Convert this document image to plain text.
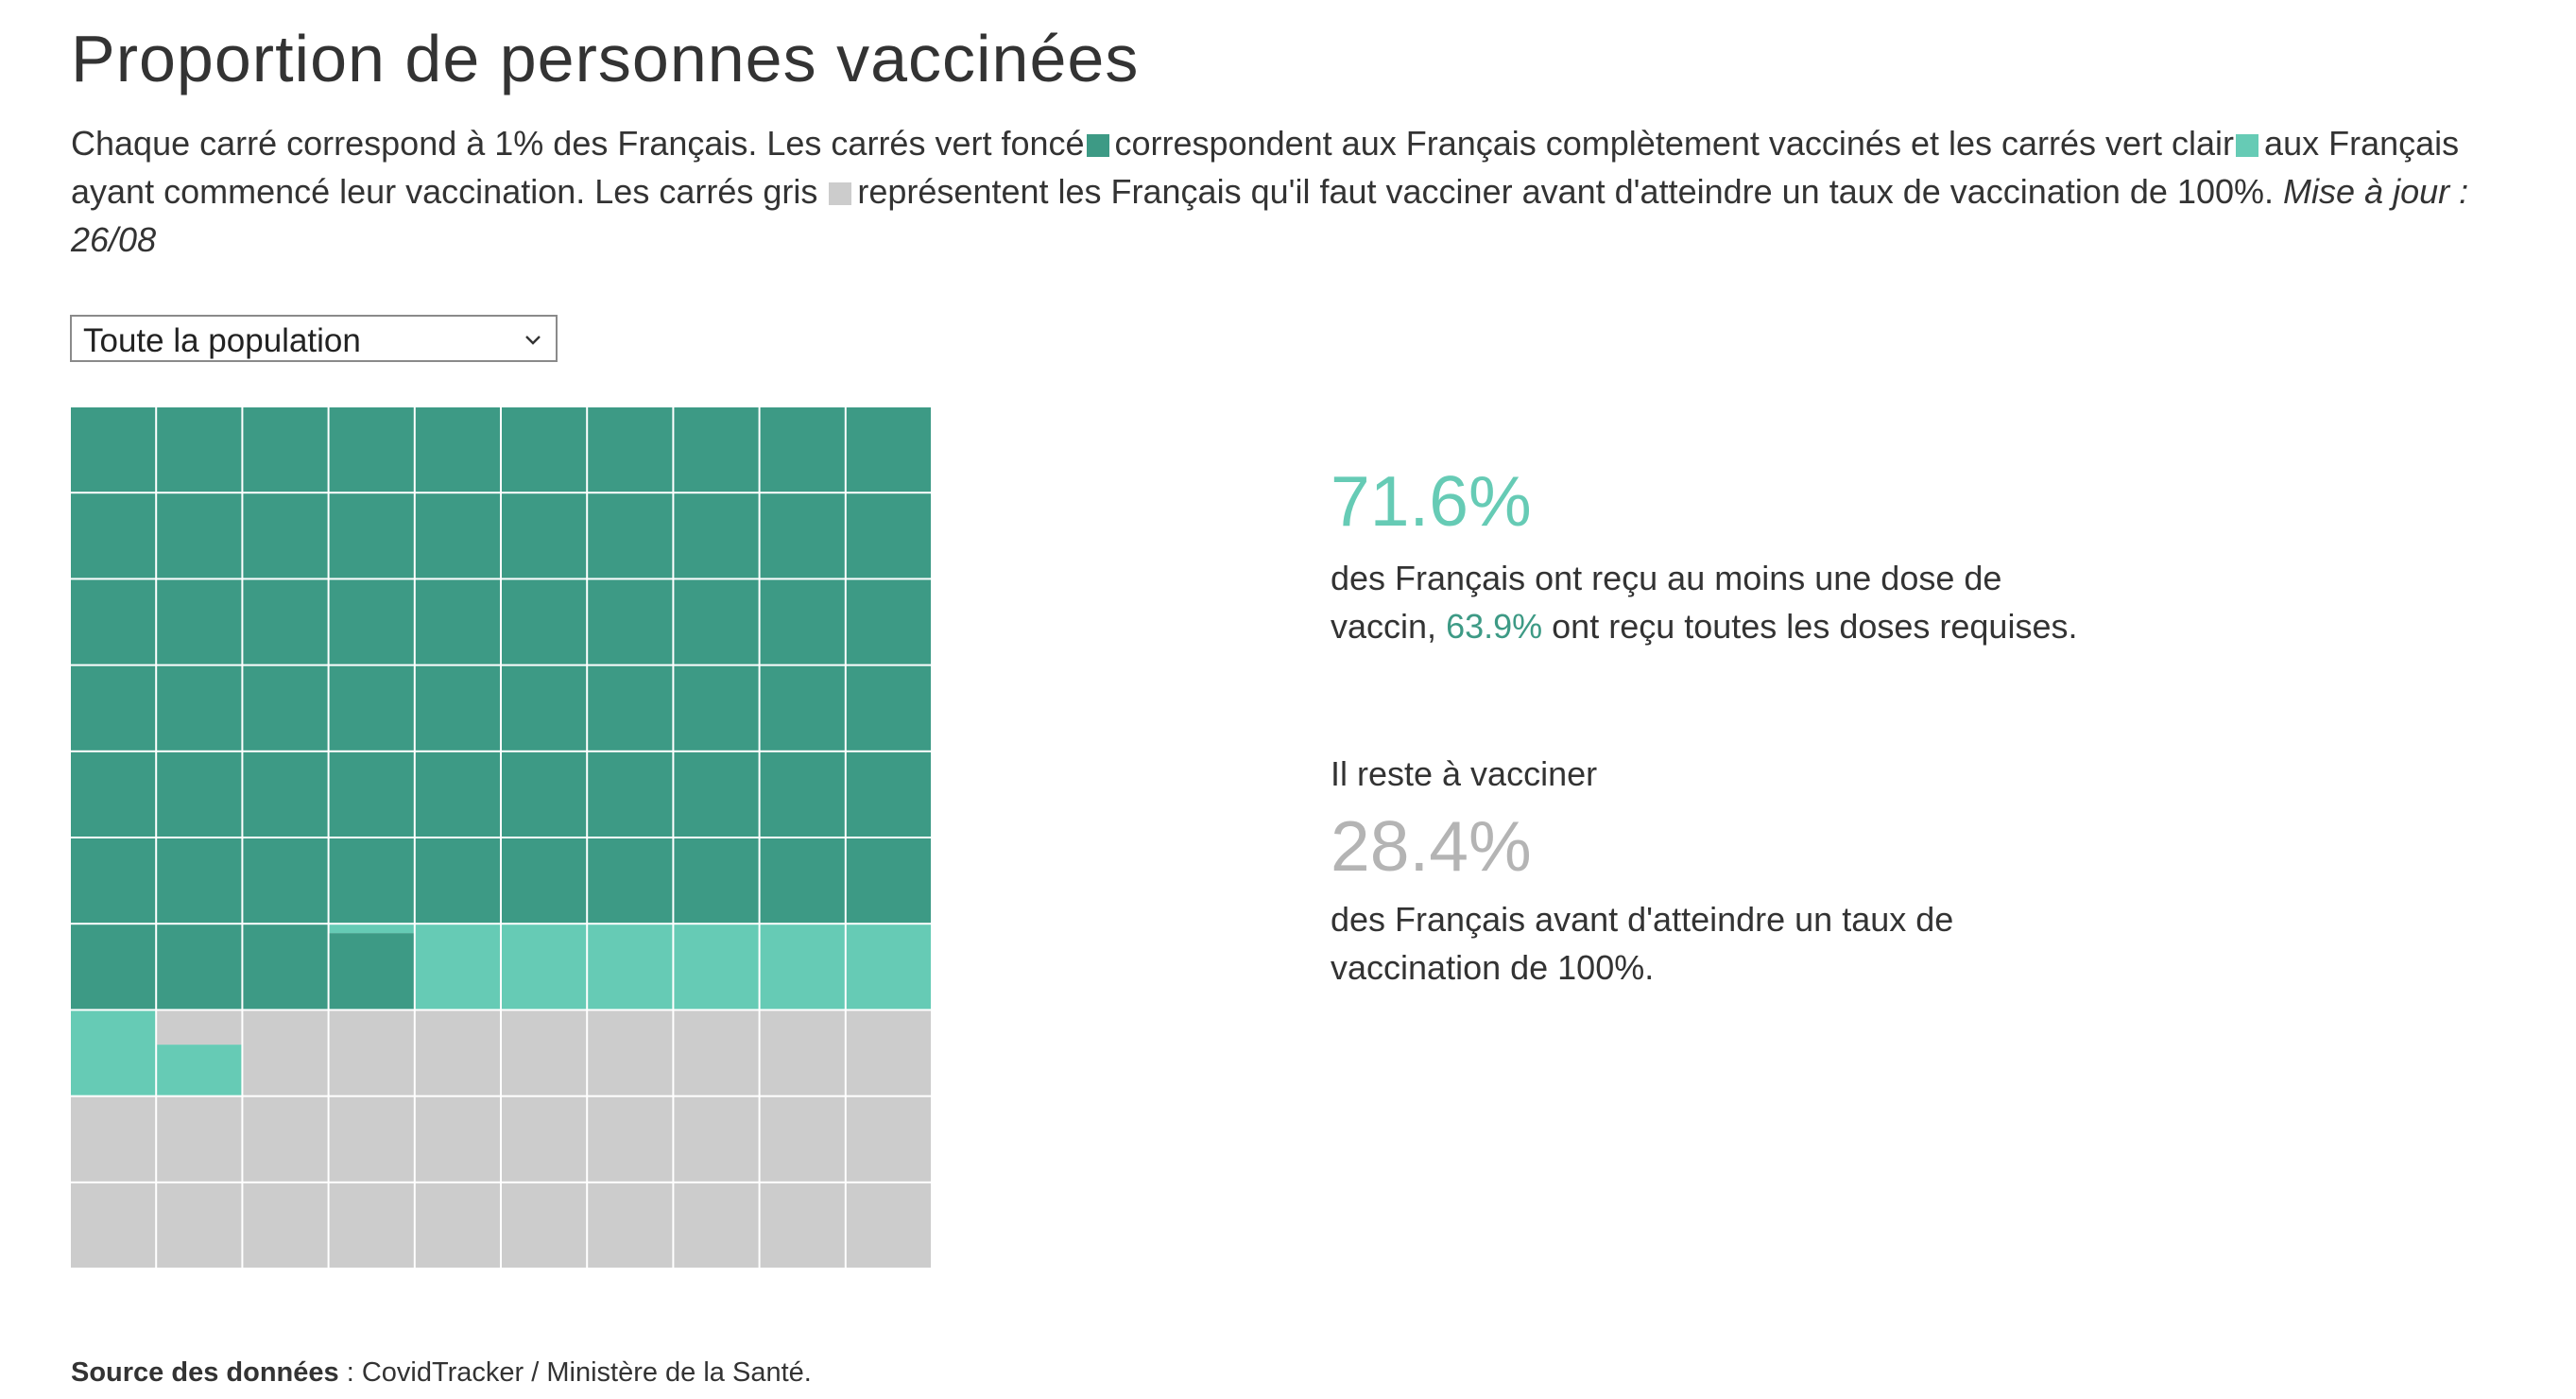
Proportion de personnes vaccinées

Chaque carré correspond à 1% des Français. Les carrés vert foncé correspondent aux Français complètement vaccinés et les carrés vert clair aux Français ayant commencé leur vaccination. Les carrés gris représentent les Français qu'il faut vacciner avant d'atteindre un taux de vaccination de 100%. Mise à jour : 26/08

Toute la population

71.6%

des Français ont reçu au moins une dose de vaccin, 63.9% ont reçu toutes les doses requises.

Il reste à vacciner

28.4%

des Français avant d'atteindre un taux de vaccination de 100%.

Source des données : CovidTracker / Ministère de la Santé.
